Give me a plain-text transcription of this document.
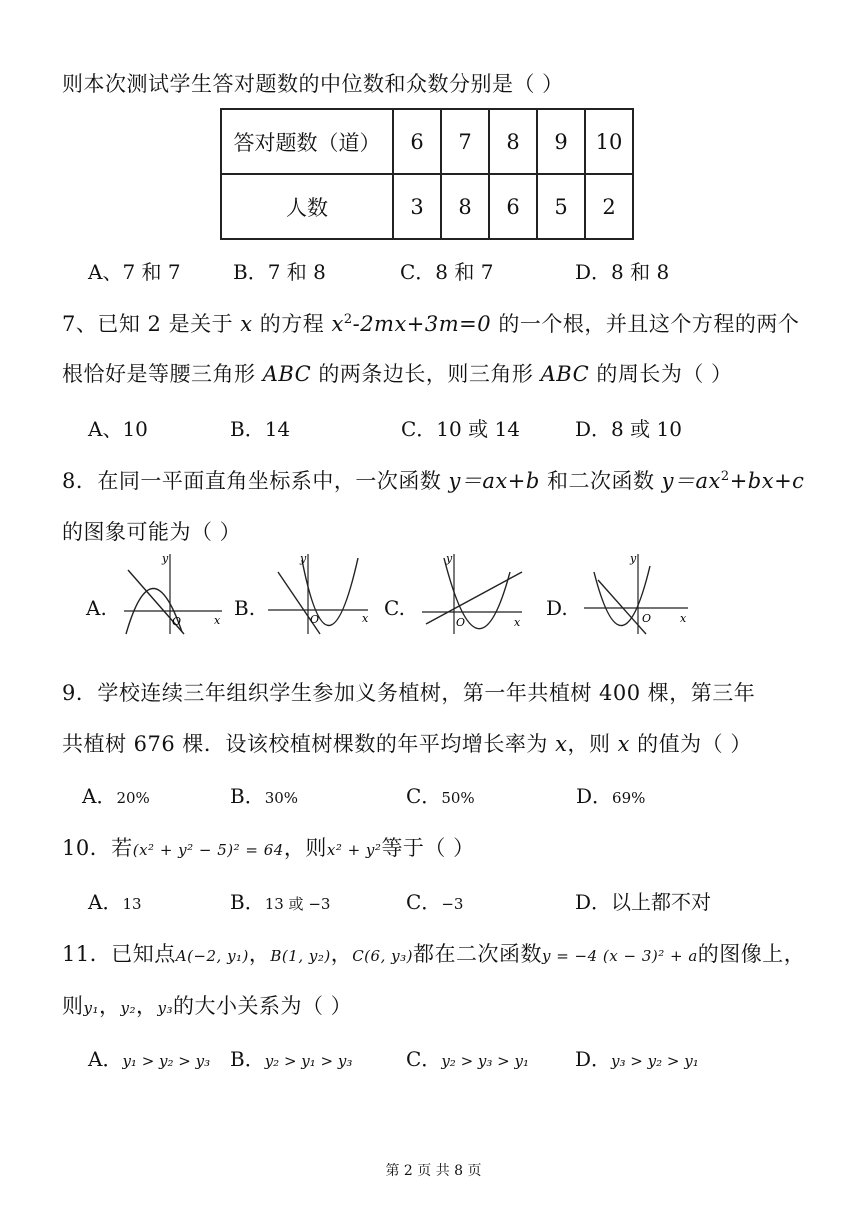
则本次测试学生答对题数的中位数和众数分别是（ ）
答对题数（道）	6	7	8	9	10
人数	3	8	6	5	2
A、7 和 7	B．7 和 8	C．8 和 7	D．8 和 8
7、已知 2 是关于 x 的方程 $x^2-2mx+3m=0$ 的一个根，并且这个方程的两个
根恰好是等腰三角形 ABC 的两条边长，则三角形 ABC 的周长为（ ）
A、10	B．14	C．10 或 14	D．8 或 10
8．在同一平面直角坐标系中，一次函数 y＝ax+b 和二次函数 $y=ax^2+bx+c$
的图象可能为（ ）
A.	B.	C.	D.
y
x
O
y
x
O
y
x
O
y
x
O
9．学校连续三年组织学生参加义务植树，第一年共植树 400 棵，第三年
共植树 676 棵．设该校植树棵数的年平均增长率为 x，则 x 的值为（ ）
A．20%	B．30%	C．50%	D．69%
10．若(x² + y² − 5)² = 64，则x² + y²等于（ ）
A．13	B．13 或 −3	C．−3	D．以上都不对
11．已知点A(−2, y₁)，B(1, y₂)，C(6, y₃)都在二次函数y = −4 (x − 3)² + a的图像上，
则y₁，y₂，y₃的大小关系为（ ）
A．y₁ > y₂ > y₃ B．y₂ > y₁ > y₃	C．y₂ > y₃ > y₁ D．y₃ > y₂ > y₁
第 2 页 共 8 页
